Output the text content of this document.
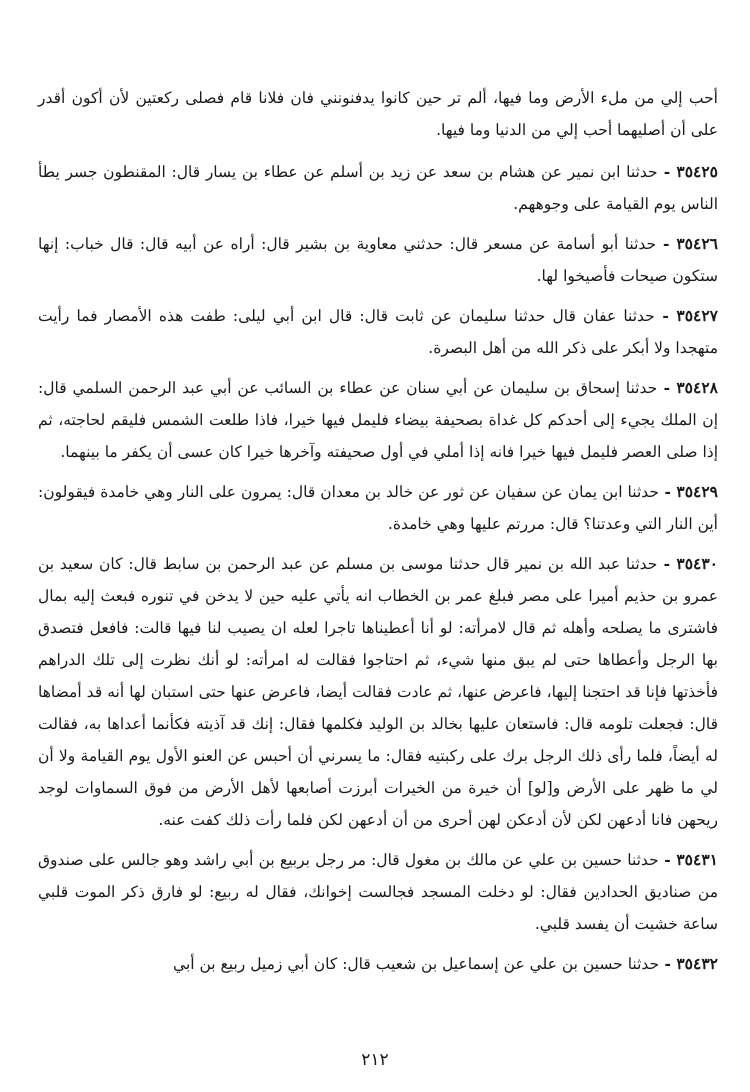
أحب إلي من ملء الأرض وما فيها، ألم تر حين كانوا يدفنونني فان فلانا قام فصلى ركعتين لأن أكون أقدر على أن أصليهما أحب إلي من الدنيا وما فيها.

٣٥٤٢٥ - حدثنا ابن نمير عن هشام بن سعد عن زيد بن أسلم عن عطاء بن يسار قال: المقنطون جسر يطأ الناس يوم القيامة على وجوههم.

٣٥٤٢٦ - حدثنا أبو أسامة عن مسعر قال: حدثني معاوية بن بشير قال: أراه عن أبيه قال: قال خباب: إنها ستكون صيحات فأصيخوا لها.

٣٥٤٢٧ - حدثنا عفان قال حدثنا سليمان عن ثابت قال: قال ابن أبي ليلى: طفت هذه الأمصار فما رأيت متهجدا ولا أبكر على ذكر الله من أهل البصرة.

٣٥٤٢٨ - حدثنا إسحاق بن سليمان عن أبي سنان عن عطاء بن السائب عن أبي عبد الرحمن السلمي قال: إن الملك يجيء إلى أحدكم كل غداة بصحيفة بيضاء فليمل فيها خيرا، فاذا طلعت الشمس فليقم لحاجته، ثم إذا صلى العصر فليمل فيها خيرا فانه إذا أملي في أول صحيفته وآخرها خيرا كان عسى أن يكفر ما بينهما.

٣٥٤٢٩ - حدثنا ابن يمان عن سفيان عن ثور عن خالد بن معدان قال: يمرون على النار وهي خامدة فيقولون: أين النار التي وعدتنا؟ قال: مررتم عليها وهي خامدة.

٣٥٤٣٠ - حدثنا عبد الله بن نمير قال حدثنا موسى بن مسلم عن عبد الرحمن بن سابط قال: كان سعيد بن عمرو بن حذيم أميرا على مصر فبلغ عمر بن الخطاب انه يأتي عليه حين لا يدخن في تنوره فبعث إليه بمال فاشترى ما يصلحه وأهله ثم قال لامرأته: لو أنا أعطيناها تاجرا لعله ان يصيب لنا فيها قالت: فافعل فتصدق بها الرجل وأعطاها حتى لم يبق منها شيء، ثم احتاجوا فقالت له امرأته: لو أنك نظرت إلى تلك الدراهم فأخذتها فإنا قد احتجنا إليها، فاعرض عنها، ثم عادت فقالت أيضا، فاعرض عنها حتى استبان لها أنه قد أمضاها قال: فجعلت تلومه قال: فاستعان عليها بخالد بن الوليد فكلمها فقال: إنك قد آذيته فكأنما أعداها به، فقالت له أيضاً، فلما رأى ذلك الرجل برك على ركبتيه فقال: ما يسرني أن أحبس عن العنو الأول يوم القيامة ولا أن لي ما ظهر على الأرض و[لو] أن خيرة من الخيرات أبرزت أصابعها لأهل الأرض من فوق السماوات لوجد ريحهن فانا أدعهن لكن لأن أدعكن لهن أحرى من أن أدعهن لكن فلما رأت ذلك كفت عنه.

٣٥٤٣١ - حدثنا حسين بن علي عن مالك بن مغول قال: مر رجل بربيع بن أبي راشد وهو جالس على صندوق من صناديق الحدادين فقال: لو دخلت المسجد فجالست إخوانك، فقال له ربيع: لو فارق ذكر الموت قلبي ساعة خشيت أن يفسد قلبي.

٣٥٤٣٢ - حدثنا حسين بن علي عن إسماعيل بن شعيب قال: كان أبي زميل ربيع بن أبي

٢١٢
